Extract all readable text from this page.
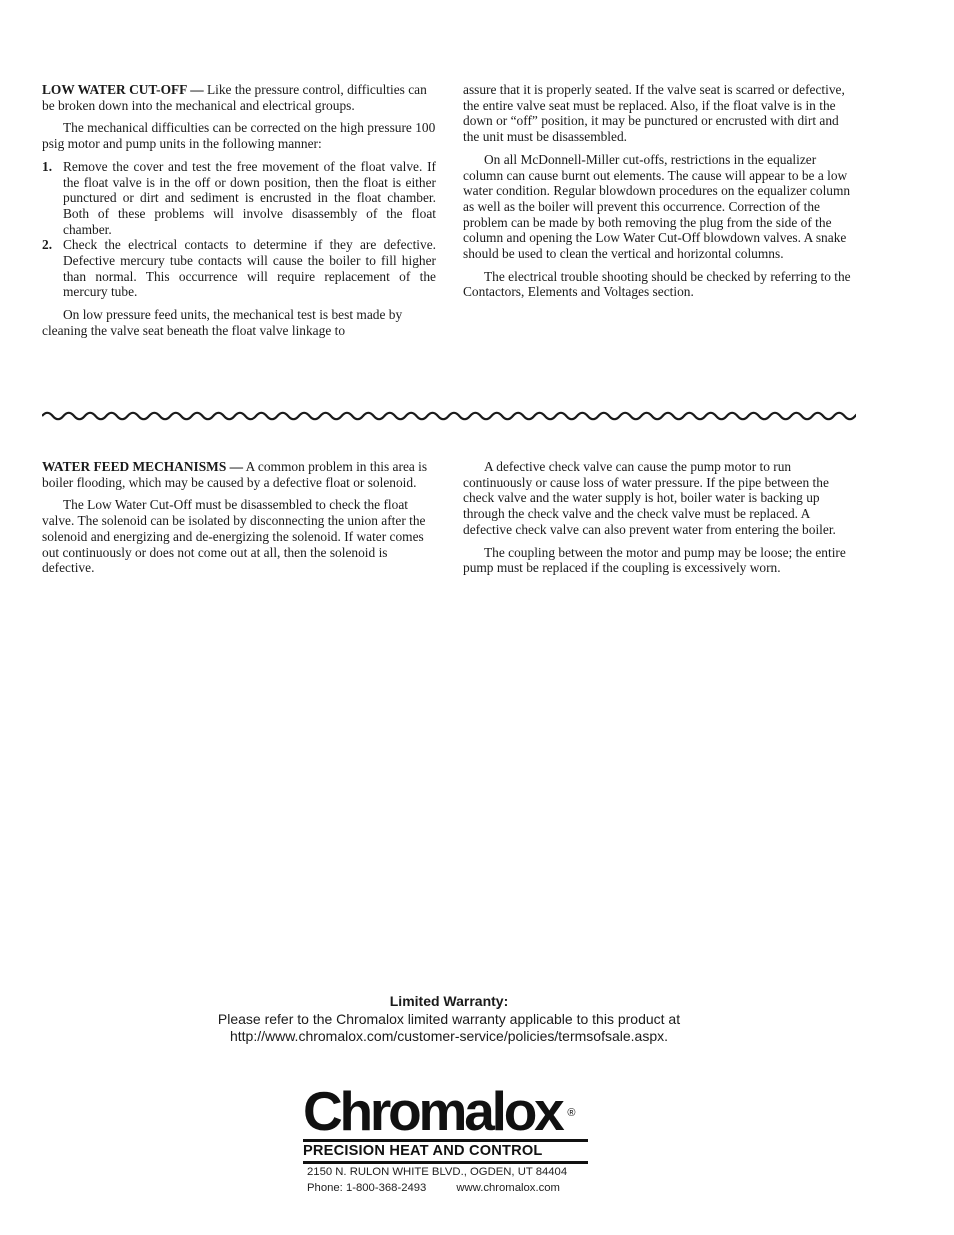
LOW WATER CUT-OFF — Like the pressure control, difficulties can be broken down into the mechanical and electrical groups.

The mechanical difficulties can be corrected on the high pressure 100 psig motor and pump units in the following manner:

1. Remove the cover and test the free movement of the float valve. If the float valve is in the off or down position, then the float is either punctured or dirt and sediment is encrusted in the float chamber. Both of these problems will involve disassembly of the float chamber.
2. Check the electrical contacts to determine if they are defective. Defective mercury tube contacts will cause the boiler to fill higher than normal. This occurrence will require replacement of the mercury tube.

On low pressure feed units, the mechanical test is best made by cleaning the valve seat beneath the float valve linkage to

assure that it is properly seated. If the valve seat is scarred or defective, the entire valve seat must be replaced. Also, if the float valve is in the down or “off” position, it may be punctured or encrusted with dirt and the unit must be disassembled.

On all McDonnell-Miller cut-offs, restrictions in the equalizer column can cause burnt out elements. The cause will appear to be a low water condition. Regular blowdown procedures on the equalizer column as well as the boiler will prevent this occurrence. Correction of the problem can be made by both removing the plug from the side of the column and opening the Low Water Cut-Off blowdown valves. A snake should be used to clean the vertical and horizontal columns.

The electrical trouble shooting should be checked by referring to the Contactors, Elements and Voltages section.

WATER FEED MECHANISMS — A common problem in this area is boiler flooding, which may be caused by a defective float or solenoid.

The Low Water Cut-Off must be disassembled to check the float valve. The solenoid can be isolated by disconnecting the union after the solenoid and energizing and de-energizing the solenoid. If water comes out continuously or does not come out at all, then the solenoid is defective.

A defective check valve can cause the pump motor to run continuously or cause loss of water pressure. If the pipe between the check valve and the water supply is hot, boiler water is backing up through the check valve and the check valve must be replaced. A defective check valve can also prevent water from entering the boiler.

The coupling between the motor and pump may be loose; the entire pump must be replaced if the coupling is excessively worn.

Limited Warranty:
Please refer to the Chromalox limited warranty applicable to this product at
http://www.chromalox.com/customer-service/policies/termsofsale.aspx.
Chromalox ®
PRECISION HEAT AND CONTROL
2150 N. RULON WHITE BLVD., OGDEN, UT 84404
Phone: 1-800-368-2493	www.chromalox.com
